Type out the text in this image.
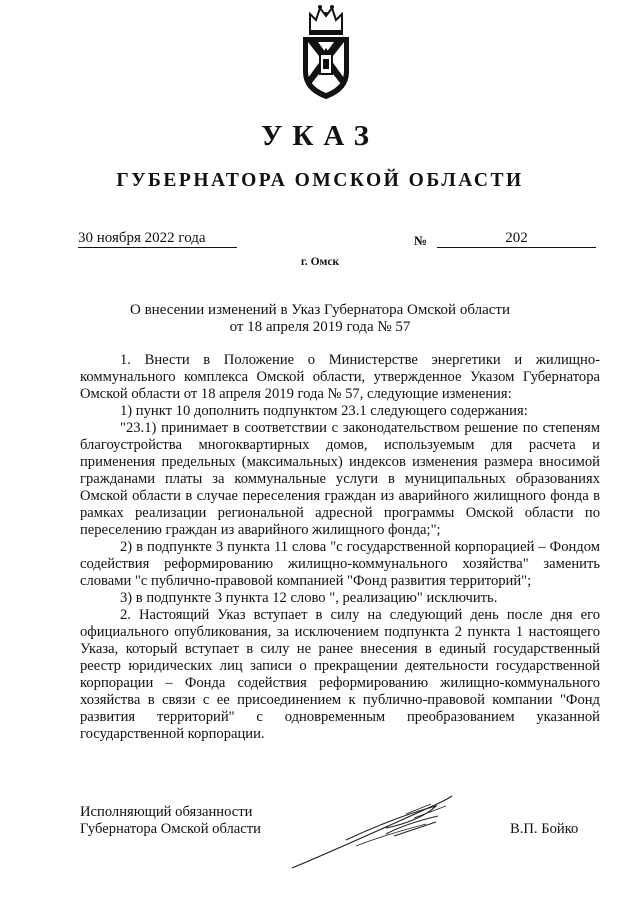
УКАЗ
ГУБЕРНАТОРА ОМСКОЙ ОБЛАСТИ
30 ноября 2022 года	№	202
г. Омск
О внесении изменений в Указ Губернатора Омской области
от 18 апреля 2019 года № 57

1. Внести в Положение о Министерстве энергетики и жилищно-коммунального комплекса Омской области, утвержденное Указом Губернатора Омской области от 18 апреля 2019 года № 57, следующие изменения:

1) пункт 10 дополнить подпунктом 23.1 следующего содержания:

"23.1) принимает в соответствии с законодательством решение по степеням благоустройства многоквартирных домов, используемым для расчета и применения предельных (максимальных) индексов изменения размера вносимой гражданами платы за коммунальные услуги в муниципальных образованиях Омской области в случае переселения граждан из аварийного жилищного фонда в рамках реализации региональной адресной программы Омской области по переселению граждан из аварийного жилищного фонда;";

2) в подпункте 3 пункта 11 слова "с государственной корпорацией – Фондом содействия реформированию жилищно-коммунального хозяйства" заменить словами "с публично-правовой компанией "Фонд развития территорий";

3) в подпункте 3 пункта 12 слово ", реализацию" исключить.

2. Настоящий Указ вступает в силу на следующий день после дня его официального опубликования, за исключением подпункта 2 пункта 1 настоящего Указа, который вступает в силу не ранее внесения в единый государственный реестр юридических лиц записи о прекращении деятельности государственной корпорации – Фонда содействия реформированию жилищно-коммунального хозяйства в связи с ее присоединением к публично-правовой компании "Фонд развития территорий" с одновременным преобразованием указанной государственной корпорации.

Исполняющий обязанности
Губернатора Омской области	В.П. Бойко
